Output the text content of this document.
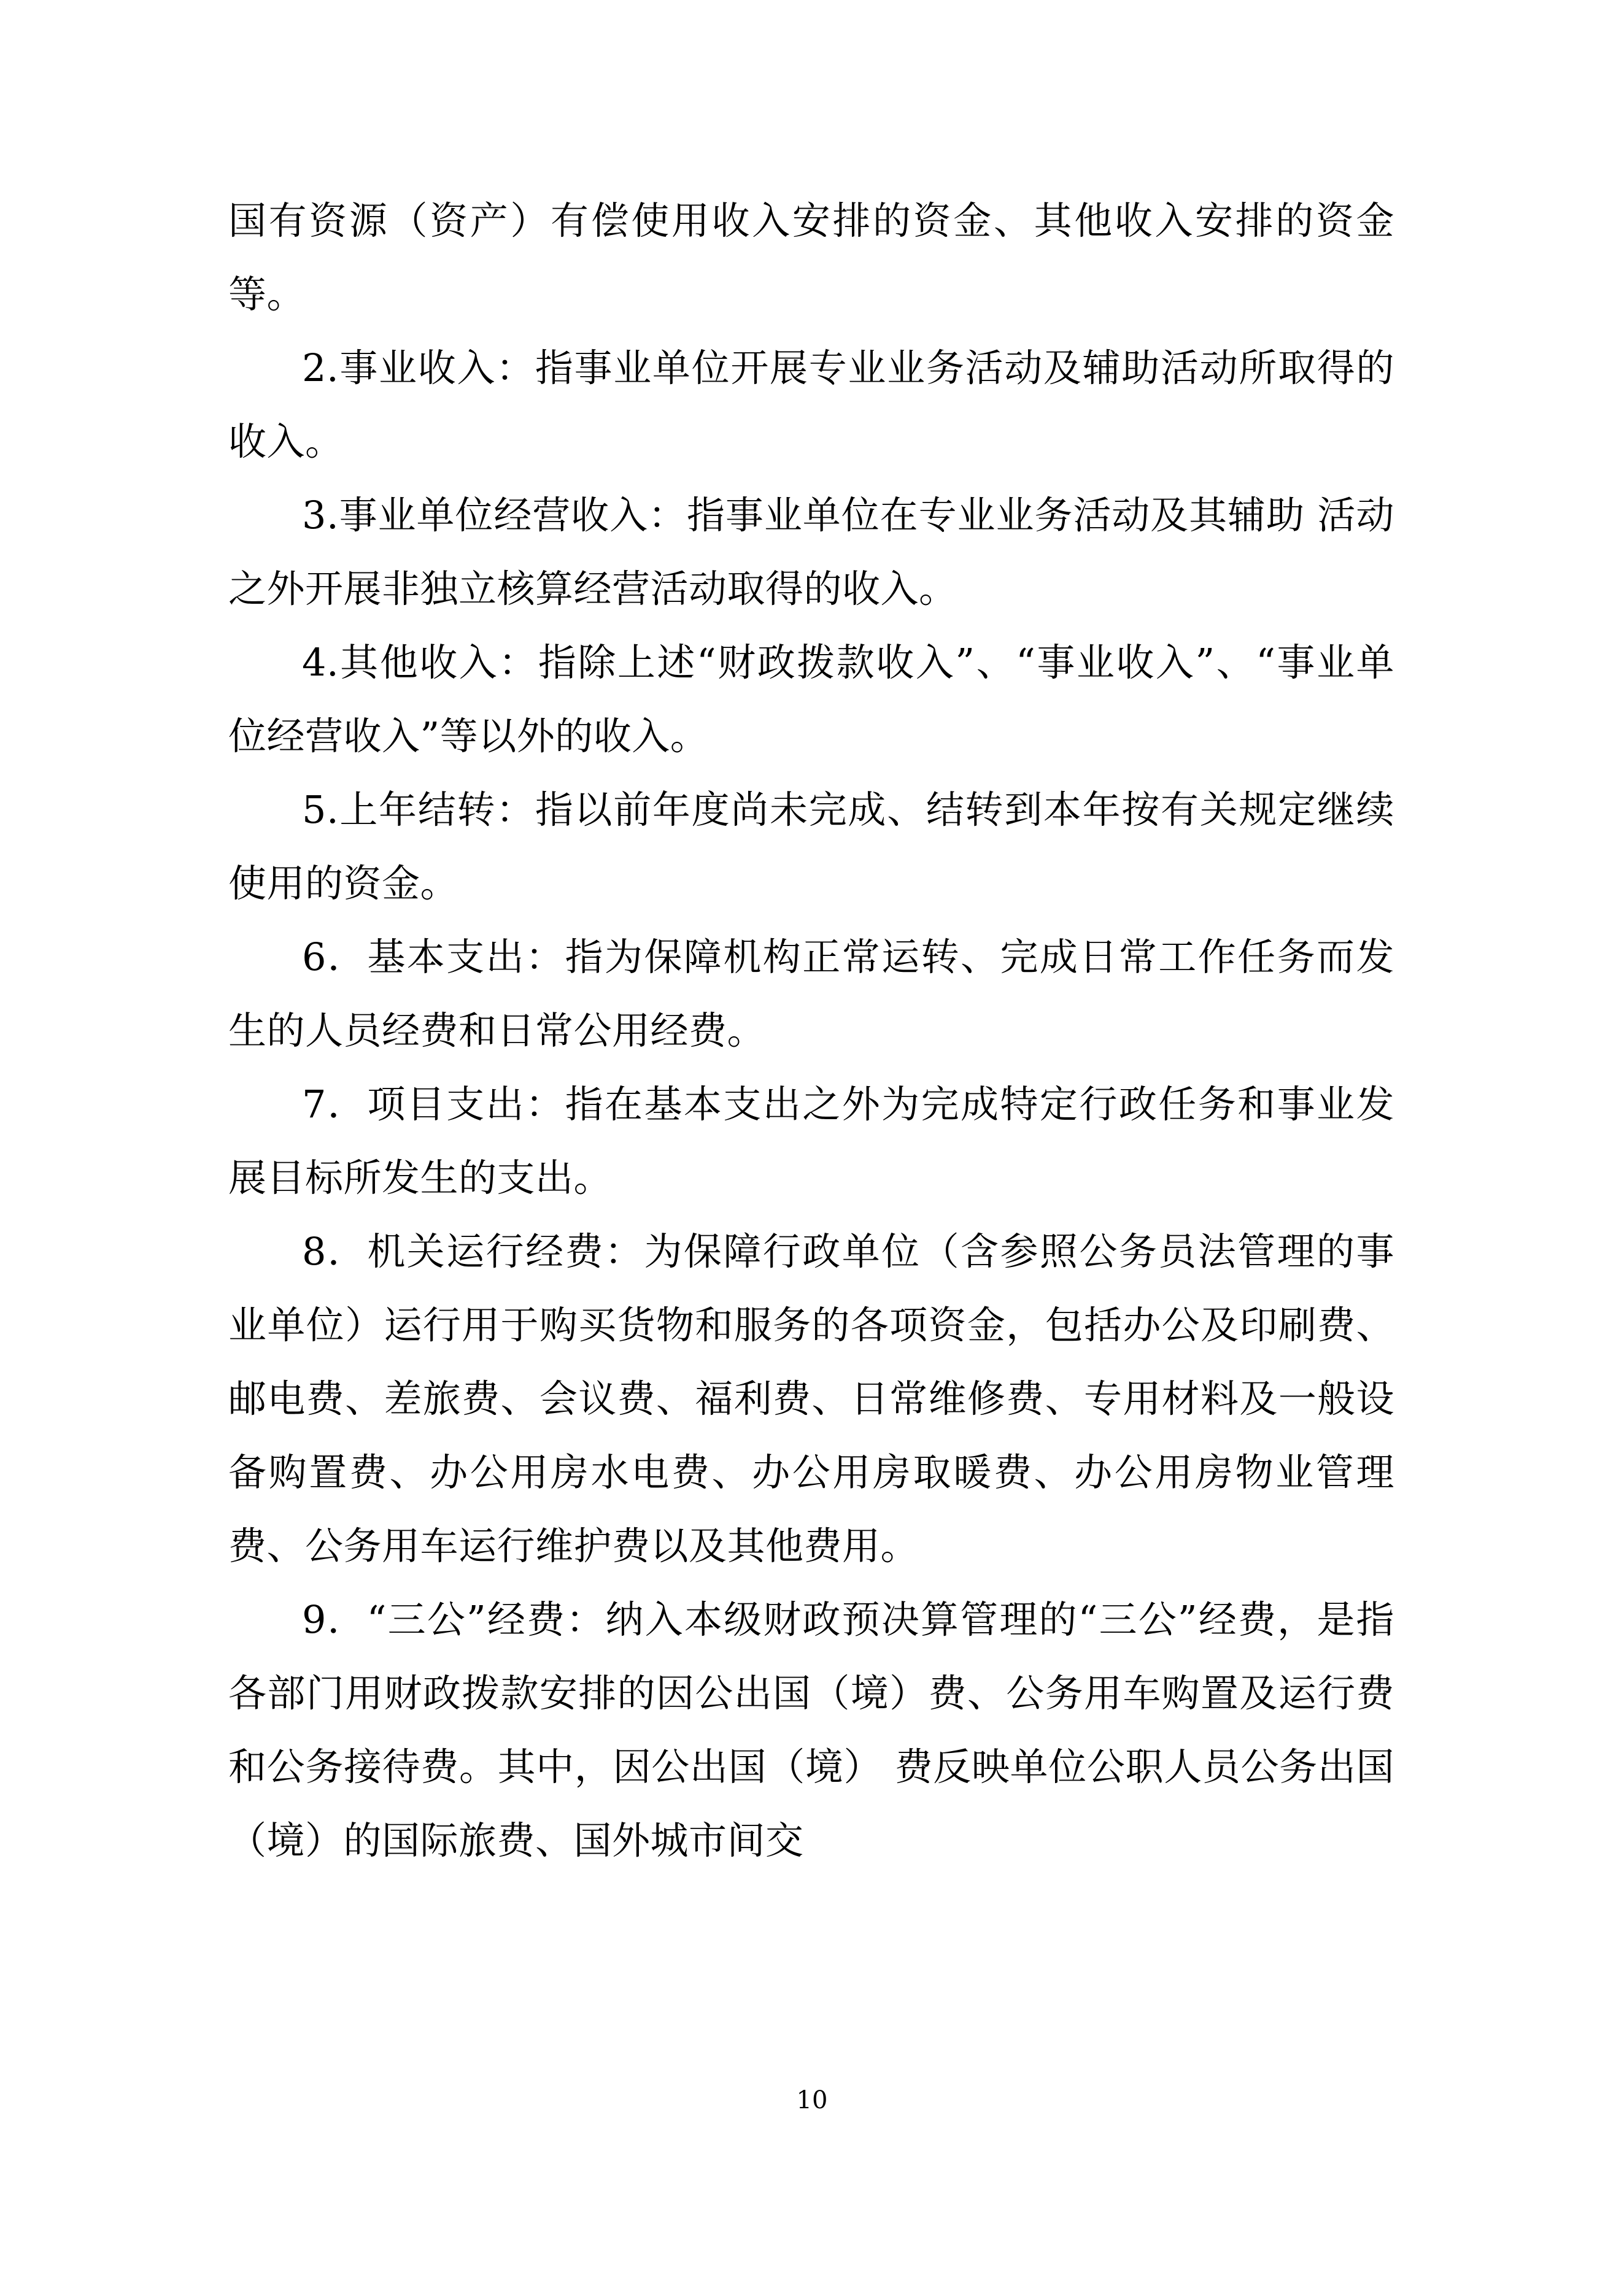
国有资源（资产）有偿使用收入安排的资金、其他收入安排的资金等。

2.事业收入：指事业单位开展专业业务活动及辅助活动所取得的收入。

3.事业单位经营收入：指事业单位在专业业务活动及其辅助 活动之外开展非独立核算经营活动取得的收入。

4.其他收入：指除上述“财政拨款收入”、“事业收入”、“事业单位经营收入”等以外的收入。

5.上年结转：指以前年度尚未完成、结转到本年按有关规定继续使用的资金。

6．基本支出：指为保障机构正常运转、完成日常工作任务而发生的人员经费和日常公用经费。

7．项目支出：指在基本支出之外为完成特定行政任务和事业发展目标所发生的支出。

8．机关运行经费：为保障行政单位（含参照公务员法管理的事业单位）运行用于购买货物和服务的各项资金，包括办公及印刷费、邮电费、差旅费、会议费、福利费、日常维修费、专用材料及一般设备购置费、办公用房水电费、办公用房取暖费、办公用房物业管理费、公务用车运行维护费以及其他费用。

9．“三公”经费：纳入本级财政预决算管理的“三公”经费，是指各部门用财政拨款安排的因公出国（境）费、公务用车购置及运行费和公务接待费。其中，因公出国（境） 费反映单位公职人员公务出国（境）的国际旅费、国外城市间交

10
